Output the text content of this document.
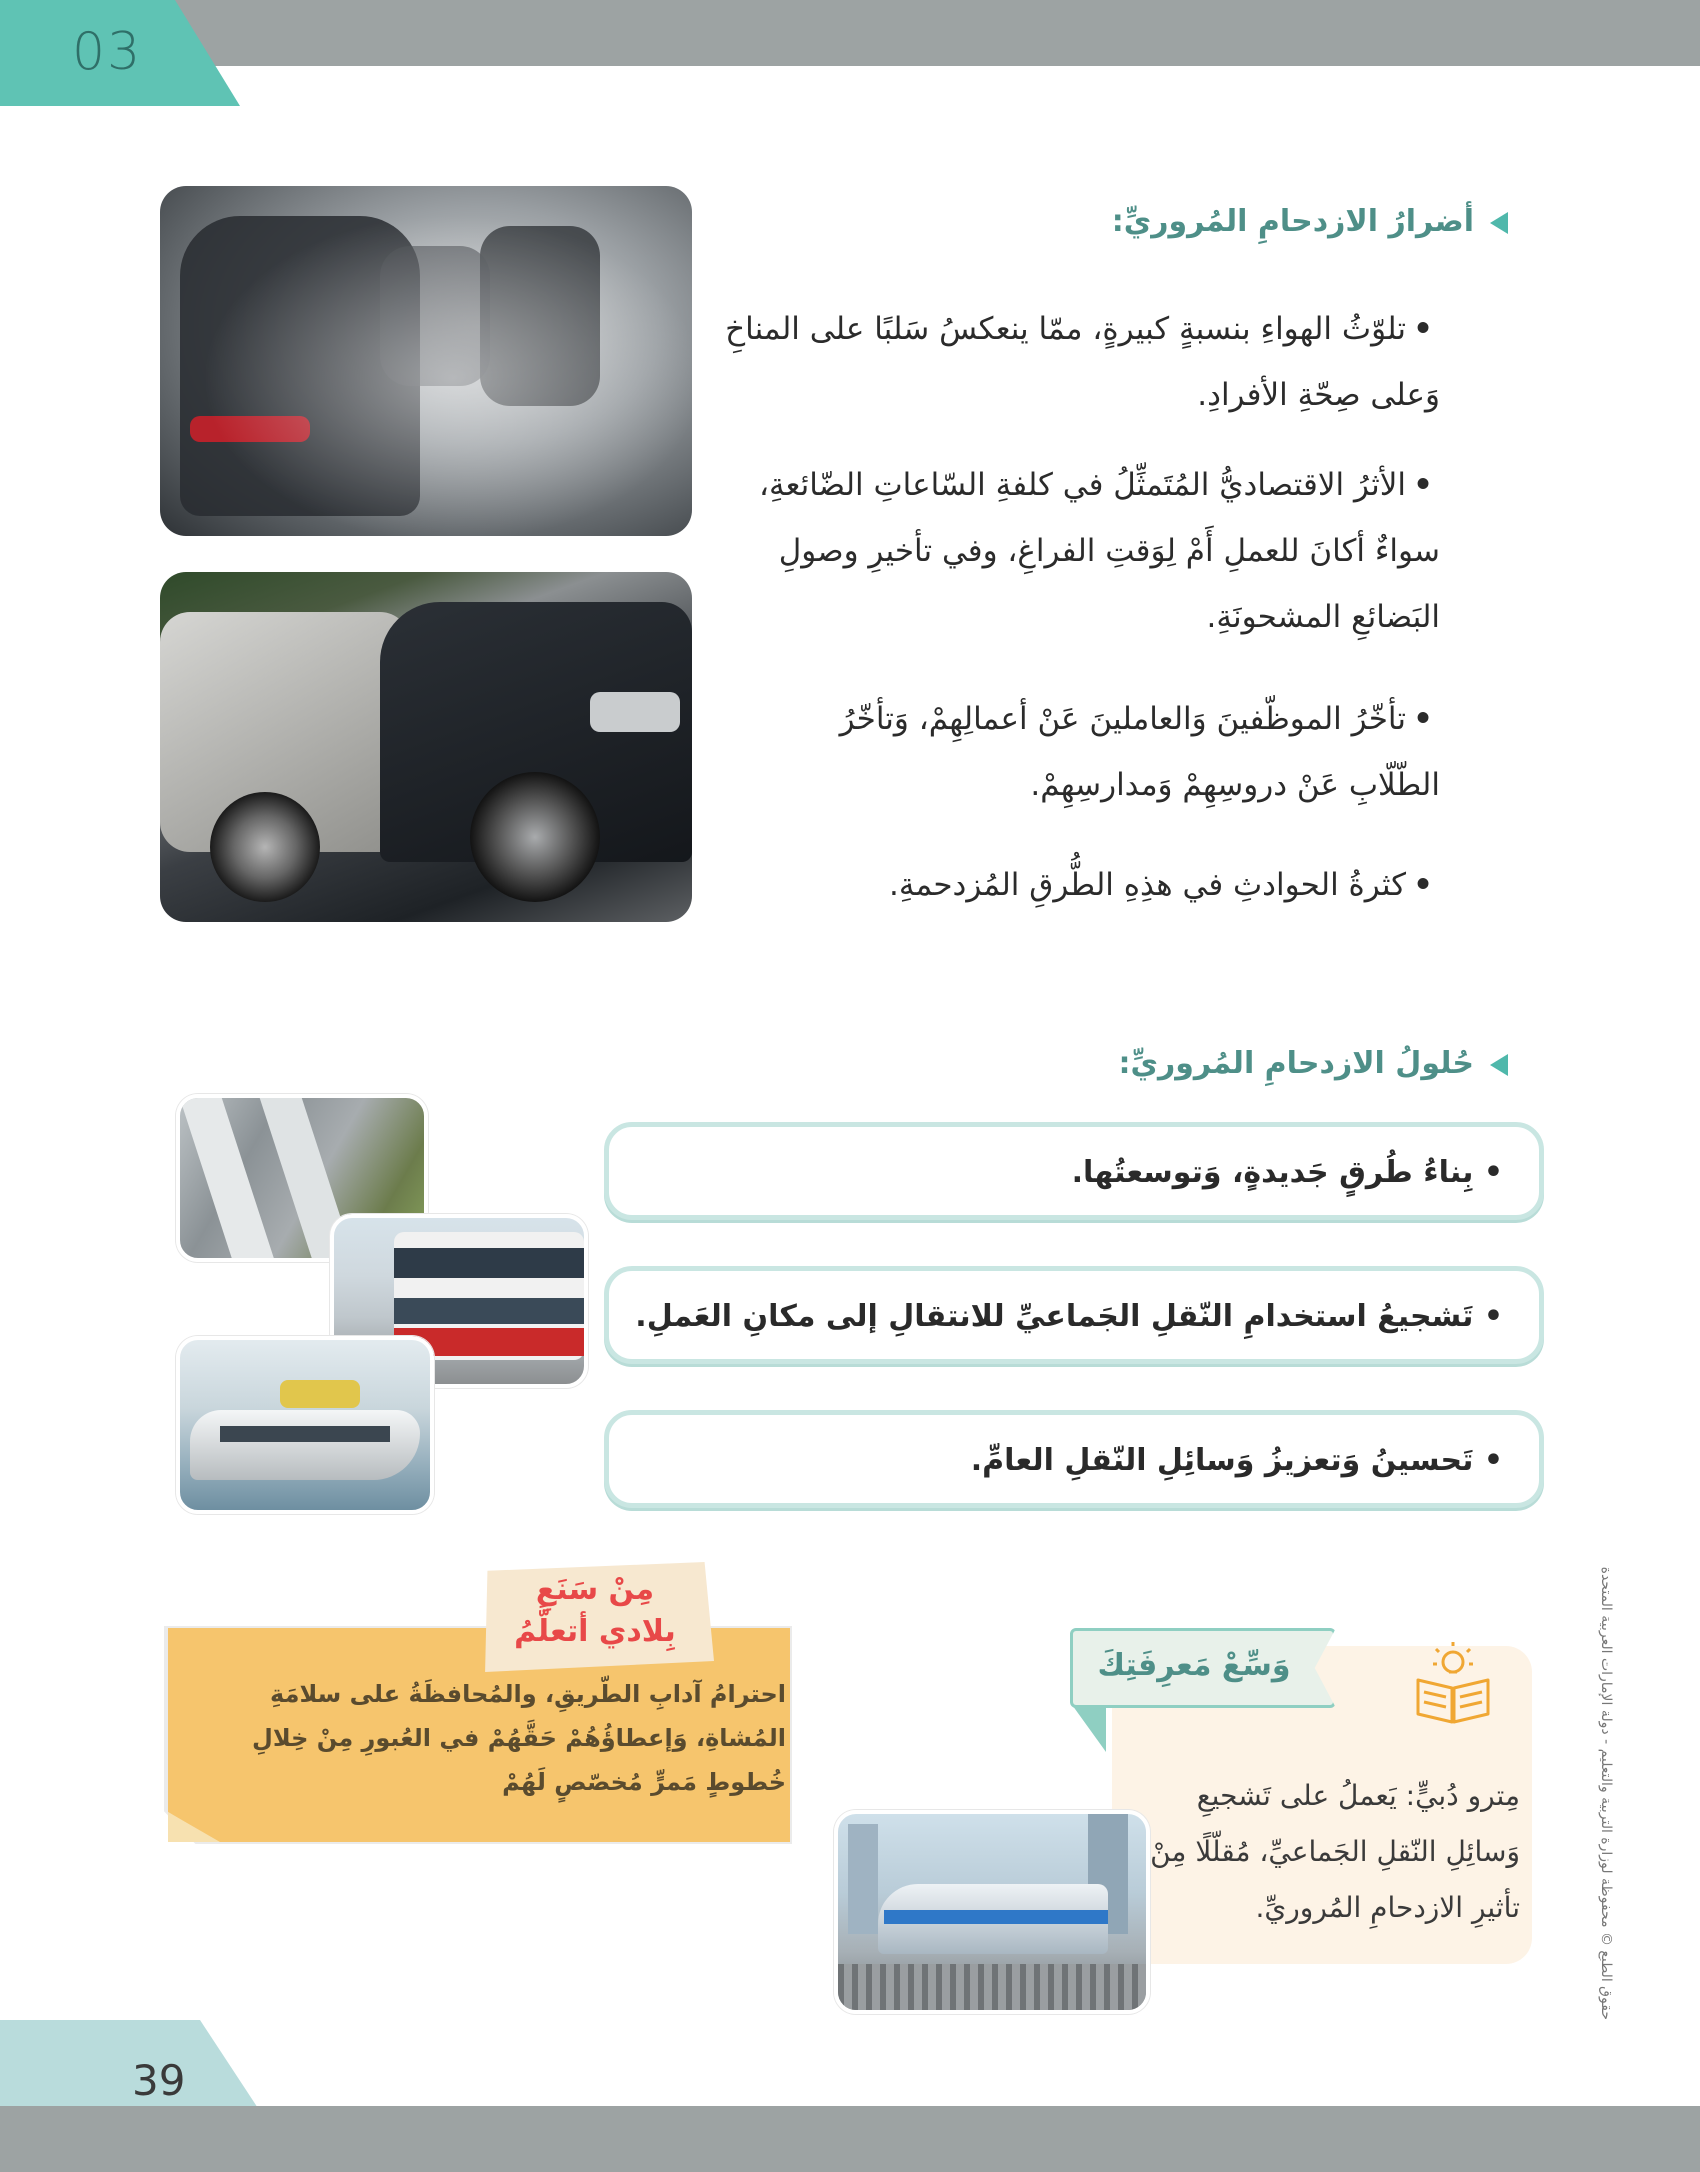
03
أضرارُ الازدحامِ المُروريِّ:
•تلوّثُ الهواءِ بنسبةٍ كبيرةٍ، ممّا ينعكسُ سَلبًا على المناخِ وَعلى صِحّةِ الأفرادِ.
•الأثرُ الاقتصاديُّ المُتَمثِّلُ في كلفةِ السّاعاتِ الضّائعةِ، سواءٌ أكانَ للعملِ أَمْ لِوَقتِ الفراغِ، وفي تأخيرِ وصولِ البَضائعِ المشحونَةِ.
•تأخّرُ الموظّفينَ وَالعاملينَ عَنْ أعمالِهِمْ، وَتأخّرُ الطّلّابِ عَنْ دروسِهِمْ وَمدارسِهِمْ.
•كثرةُ الحوادثِ في هذِهِ الطُّرقِ المُزدحمةِ.
حُلولُ الازدحامِ المُروريِّ:
• بِناءُ طُرقٍ جَديدةٍ، وَتوسعتُها.
• تَشجيعُ استخدامِ النّقلِ الجَماعيِّ للانتقالِ إلى مكانِ العَملِ.
• تَحسينُ وَتعزيزُ وَسائِلِ النّقلِ العامِّ.
احترامُ آدابِ الطّريقِ، والمُحافظَةُ على سلامَةِ المُشاةِ، وَإعطاؤُهُمْ حَقَّهُمْ في العُبورِ مِنْ خِلالِ خُطوطٍ مَمرٍّ مُخصّصٍ لَهُمْ
مِنْ سَنَعِ
بِلادي أتعلَّمُ
وَسِّعْ مَعرِفَتِكَ
مِترو دُبيٍّ: يَعملُ على تَشجيعِ وَسائِلِ النّقلِ الجَماعيِّ، مُقلّلًا مِنْ تأثيرِ الازدحامِ المُروريِّ.	حقوق الطبع © محفوظة لوزارة التربية والتعليم - دولة الإمارات العربية المتحدة
39
